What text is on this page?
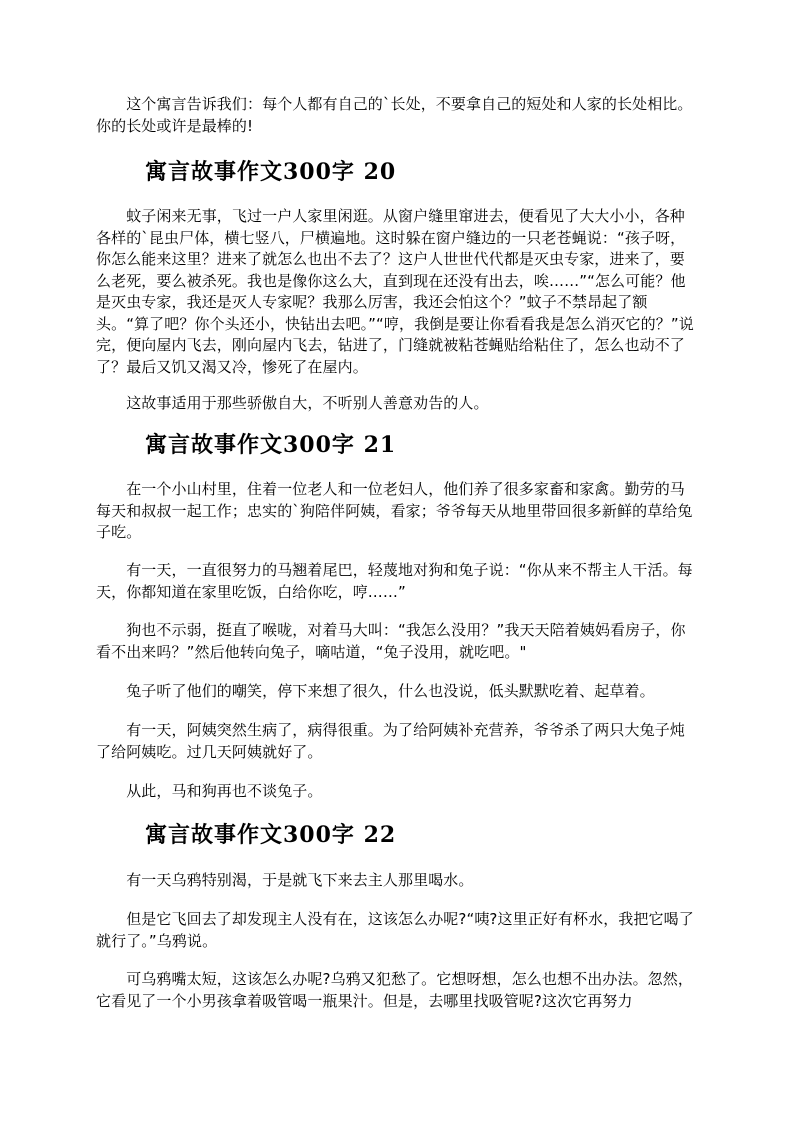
　　这个寓言告诉我们：每个人都有自己的`长处，不要拿自己的短处和人家的长处相比。你的长处或许是最棒的!

寓言故事作文300字 20

　　蚊子闲来无事，飞过一户人家里闲逛。从窗户缝里窜进去，便看见了大大小小，各种各样的`昆虫尸体，横七竖八，尸横遍地。这时躲在窗户缝边的一只老苍蝇说：“孩子呀，你怎么能来这里？进来了就怎么也出不去了？这户人世世代代都是灭虫专家，进来了，要么老死，要么被杀死。我也是像你这么大，直到现在还没有出去，唉……”“怎么可能？他是灭虫专家，我还是灭人专家呢？我那么厉害，我还会怕这个？”蚊子不禁昂起了额头。“算了吧？你个头还小，快钻出去吧。”“哼，我倒是要让你看看我是怎么消灭它的？”说完，便向屋内飞去，刚向屋内飞去，钻进了，门缝就被粘苍蝇贴给粘住了，怎么也动不了了？最后又饥又渴又冷，惨死了在屋内。

　　这故事适用于那些骄傲自大，不听别人善意劝告的人。

寓言故事作文300字 21

　　在一个小山村里，住着一位老人和一位老妇人，他们养了很多家畜和家禽。勤劳的马每天和叔叔一起工作；忠实的`狗陪伴阿姨，看家；爷爷每天从地里带回很多新鲜的草给兔子吃。

　　有一天，一直很努力的马翘着尾巴，轻蔑地对狗和兔子说：“你从来不帮主人干活。每天，你都知道在家里吃饭，白给你吃，哼……”

　　狗也不示弱，挺直了喉咙，对着马大叫：“我怎么没用？”我天天陪着姨妈看房子，你看不出来吗？”然后他转向兔子，嘀咕道，“兔子没用，就吃吧。"

　　兔子听了他们的嘲笑，停下来想了很久，什么也没说，低头默默吃着、起草着。

　　有一天，阿姨突然生病了，病得很重。为了给阿姨补充营养，爷爷杀了两只大兔子炖了给阿姨吃。过几天阿姨就好了。

　　从此，马和狗再也不谈兔子。

寓言故事作文300字 22

　　有一天乌鸦特别渴，于是就飞下来去主人那里喝水。

　　但是它飞回去了却发现主人没有在，这该怎么办呢?“咦?这里正好有杯水，我把它喝了就行了。”乌鸦说。

　　可乌鸦嘴太短，这该怎么办呢?乌鸦又犯愁了。它想呀想，怎么也想不出办法。忽然，它看见了一个小男孩拿着吸管喝一瓶果汁。但是，去哪里找吸管呢?这次它再努力
